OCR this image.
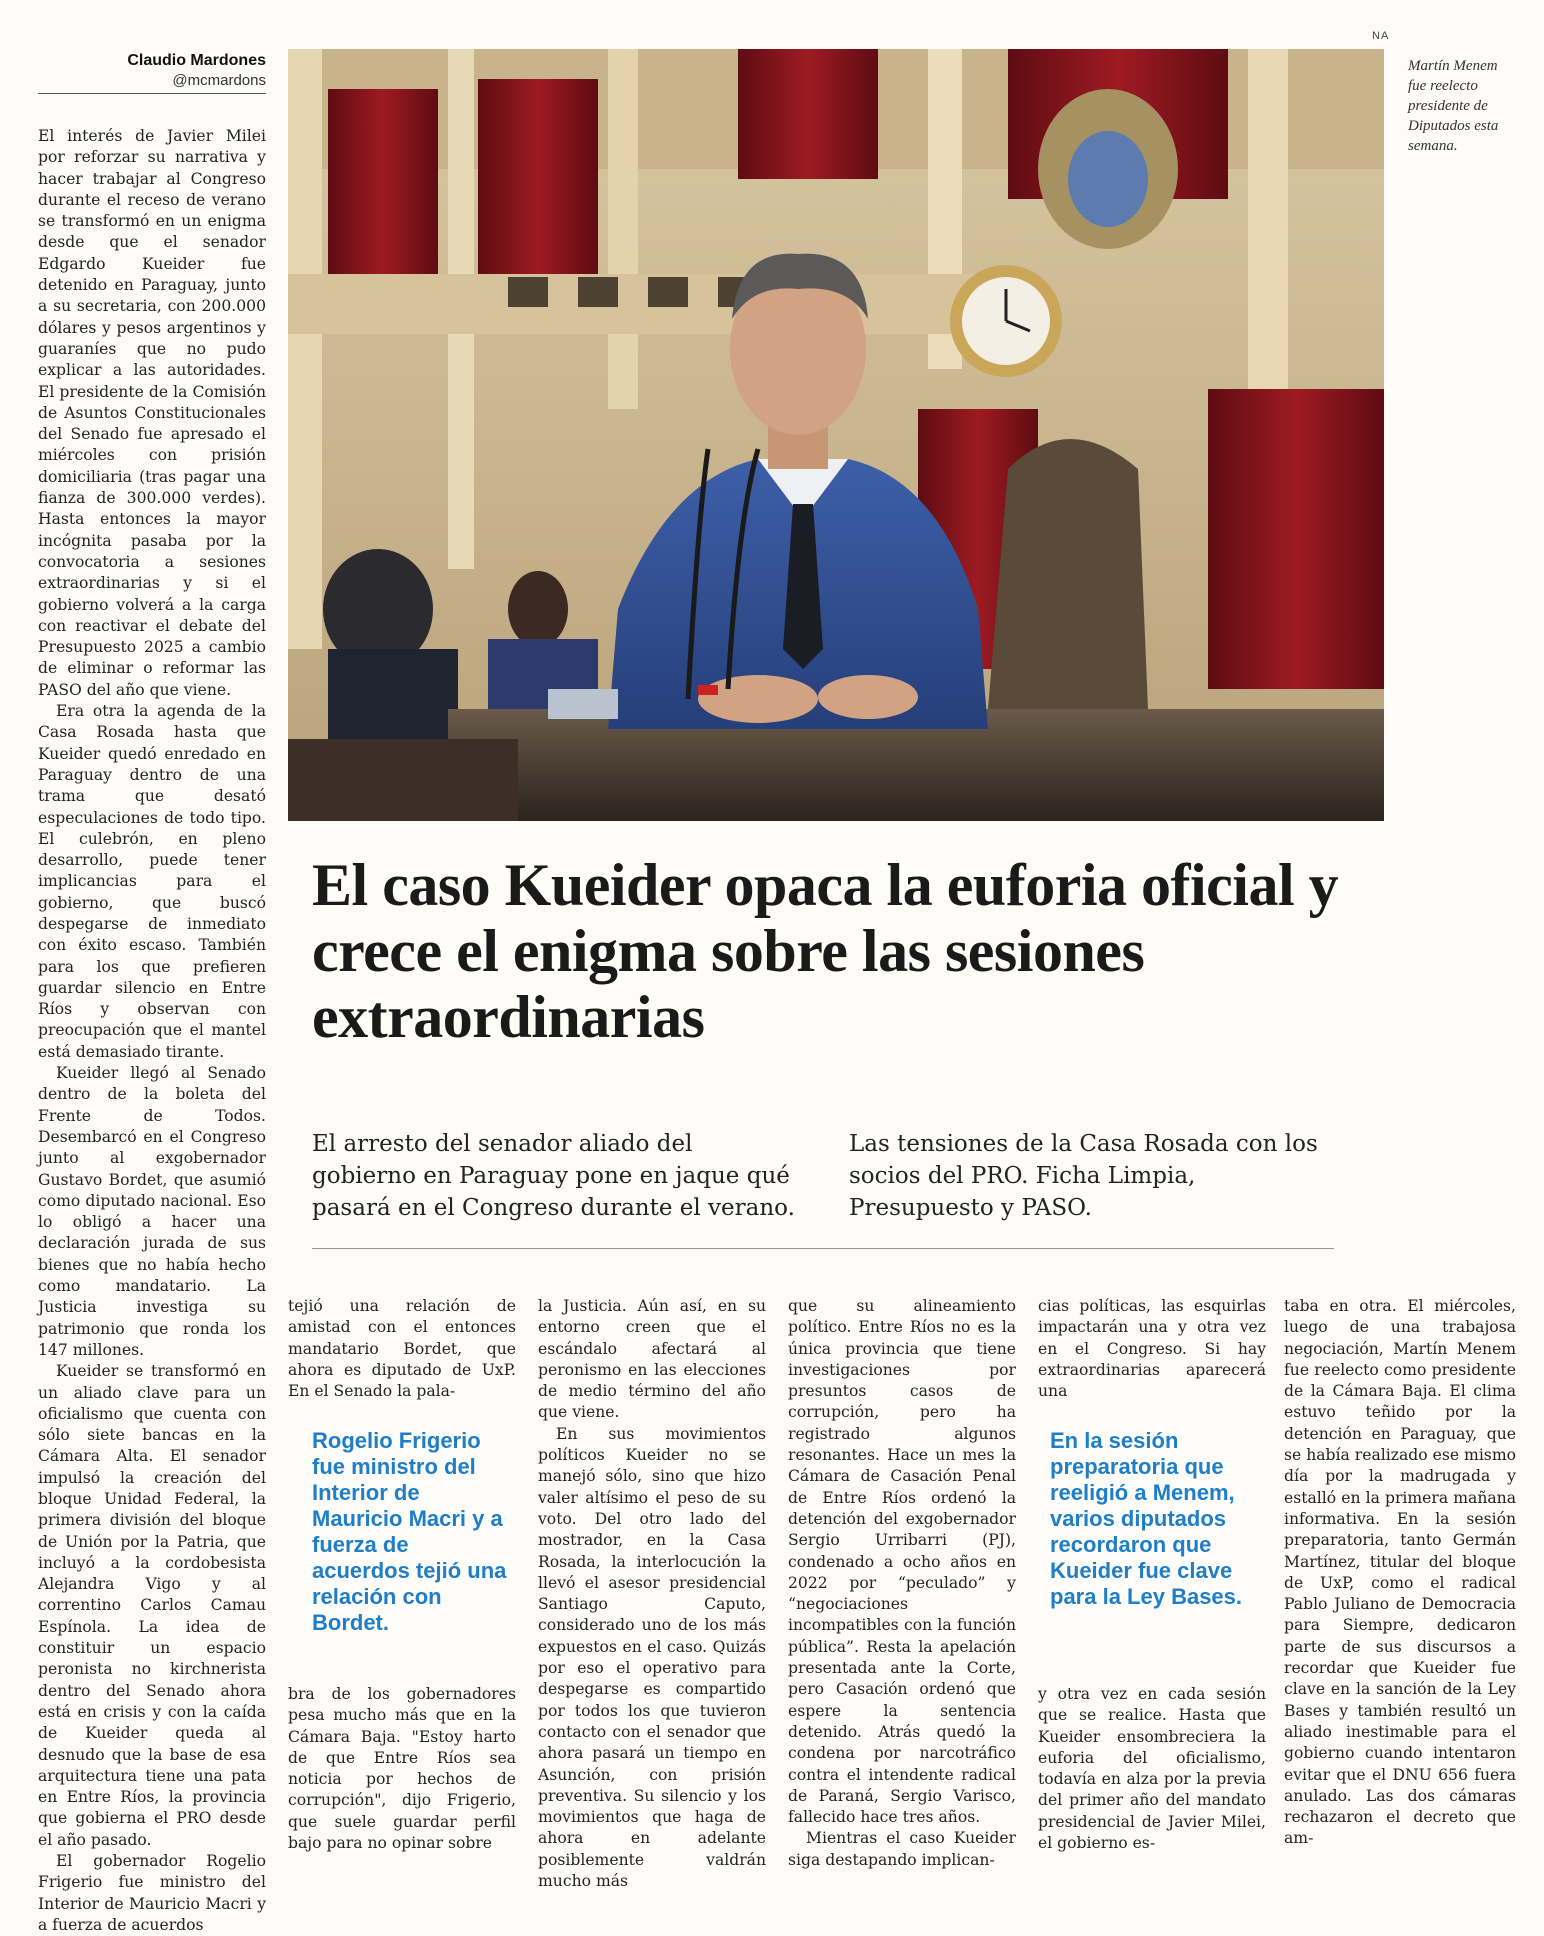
NA
Claudio Mardones
@mcmardons

El interés de Javier Milei por reforzar su narrativa y hacer trabajar al Congreso durante el receso de verano se transformó en un enigma desde que el senador Edgardo Kueider fue detenido en Paraguay, junto a su secretaria, con 200.000 dólares y pesos argentinos y guaraníes que no pudo explicar a las autoridades. El presidente de la Comisión de Asuntos Constitucionales del Senado fue apresado el miércoles con prisión domiciliaria (tras pagar una fianza de 300.000 verdes). Hasta entonces la mayor incógnita pasaba por la convocatoria a sesiones extraordinarias y si el gobierno volverá a la carga con reactivar el debate del Presupuesto 2025 a cambio de eliminar o reformar las PASO del año que viene.

Era otra la agenda de la Casa Rosada hasta que Kueider quedó enredado en Paraguay dentro de una trama que desató especulaciones de todo tipo. El culebrón, en pleno desarrollo, puede tener implicancias para el gobierno, que buscó despegarse de inmediato con éxito escaso. También para los que prefieren guardar silencio en Entre Ríos y observan con preocupación que el mantel está demasiado tirante.

Kueider llegó al Senado dentro de la boleta del Frente de Todos. Desembarcó en el Congreso junto al exgobernador Gustavo Bordet, que asumió como diputado nacional. Eso lo obligó a hacer una declaración jurada de sus bienes que no había hecho como mandatario. La Justicia investiga su patrimonio que ronda los 147 millones.

Kueider se transformó en un aliado clave para un oficialismo que cuenta con sólo siete bancas en la Cámara Alta. El senador impulsó la creación del bloque Unidad Federal, la primera división del bloque de Unión por la Patria, que incluyó a la cordobesista Alejandra Vigo y al correntino Carlos Camau Espínola. La idea de constituir un espacio peronista no kirchnerista dentro del Senado ahora está en crisis y con la caída de Kueider queda al desnudo que la base de esa arquitectura tiene una pata en Entre Ríos, la provincia que gobierna el PRO desde el año pasado.

El gobernador Rogelio Frigerio fue ministro del Interior de Mauricio Macri y a fuerza de acuerdos

Martín Menem fue reelecto presidente de Diputados esta semana.
El caso Kueider opaca la euforia oficial y crece el enigma sobre las sesiones extraordinarias
El arresto del senador aliado del gobierno en Paraguay pone en jaque qué pasará en el Congreso durante el verano. Las tensiones de la Casa Rosada con los socios del PRO. Ficha Limpia, Presupuesto y PASO.

tejió una relación de amistad con el entonces mandatario Bordet, que ahora es diputado de UxP. En el Senado la pala-

Rogelio Frigerio fue ministro del Interior de Mauricio Macri y a fuerza de acuerdos tejió una relación con Bordet.

bra de los gobernadores pesa mucho más que en la Cámara Baja. "Estoy harto de que Entre Ríos sea noticia por hechos de corrupción", dijo Frigerio, que suele guardar perfil bajo para no opinar sobre

la Justicia. Aún así, en su entorno creen que el escándalo afectará al peronismo en las elecciones de medio término del año que viene.

En sus movimientos políticos Kueider no se manejó sólo, sino que hizo valer altísimo el peso de su voto. Del otro lado del mostrador, en la Casa Rosada, la interlocución la llevó el asesor presidencial Santiago Caputo, considerado uno de los más expuestos en el caso. Quizás por eso el operativo para despegarse es compartido por todos los que tuvieron contacto con el senador que ahora pasará un tiempo en Asunción, con prisión preventiva. Su silencio y los movimientos que haga de ahora en adelante posiblemente valdrán mucho más

que su alineamiento político. Entre Ríos no es la única provincia que tiene investigaciones por presuntos casos de corrupción, pero ha registrado algunos resonantes. Hace un mes la Cámara de Casación Penal de Entre Ríos ordenó la detención del exgobernador Sergio Urribarri (PJ), condenado a ocho años en 2022 por “peculado” y “negociaciones incompatibles con la función pública”. Resta la apelación presentada ante la Corte, pero Casación ordenó que espere la sentencia detenido. Atrás quedó la condena por narcotráfico contra el intendente radical de Paraná, Sergio Varisco, fallecido hace tres años.

Mientras el caso Kueider siga destapando implican-

cias políticas, las esquirlas impactarán una y otra vez en el Congreso. Si hay extraordinarias aparecerá una

En la sesión preparatoria que reeligió a Menem, varios diputados recordaron que Kueider fue clave para la Ley Bases.

y otra vez en cada sesión que se realice. Hasta que Kueider ensombreciera la euforia del oficialismo, todavía en alza por la previa del primer año del mandato presidencial de Javier Milei, el gobierno es-

taba en otra. El miércoles, luego de una trabajosa negociación, Martín Menem fue reelecto como presidente de la Cámara Baja. El clima estuvo teñido por la detención en Paraguay, que se había realizado ese mismo día por la madrugada y estalló en la primera mañana informativa. En la sesión preparatoria, tanto Germán Martínez, titular del bloque de UxP, como el radical Pablo Juliano de Democracia para Siempre, dedicaron parte de sus discursos a recordar que Kueider fue clave en la sanción de la Ley Bases y también resultó un aliado inestimable para el gobierno cuando intentaron evitar que el DNU 656 fuera anulado. Las dos cámaras rechazaron el decreto que am-
